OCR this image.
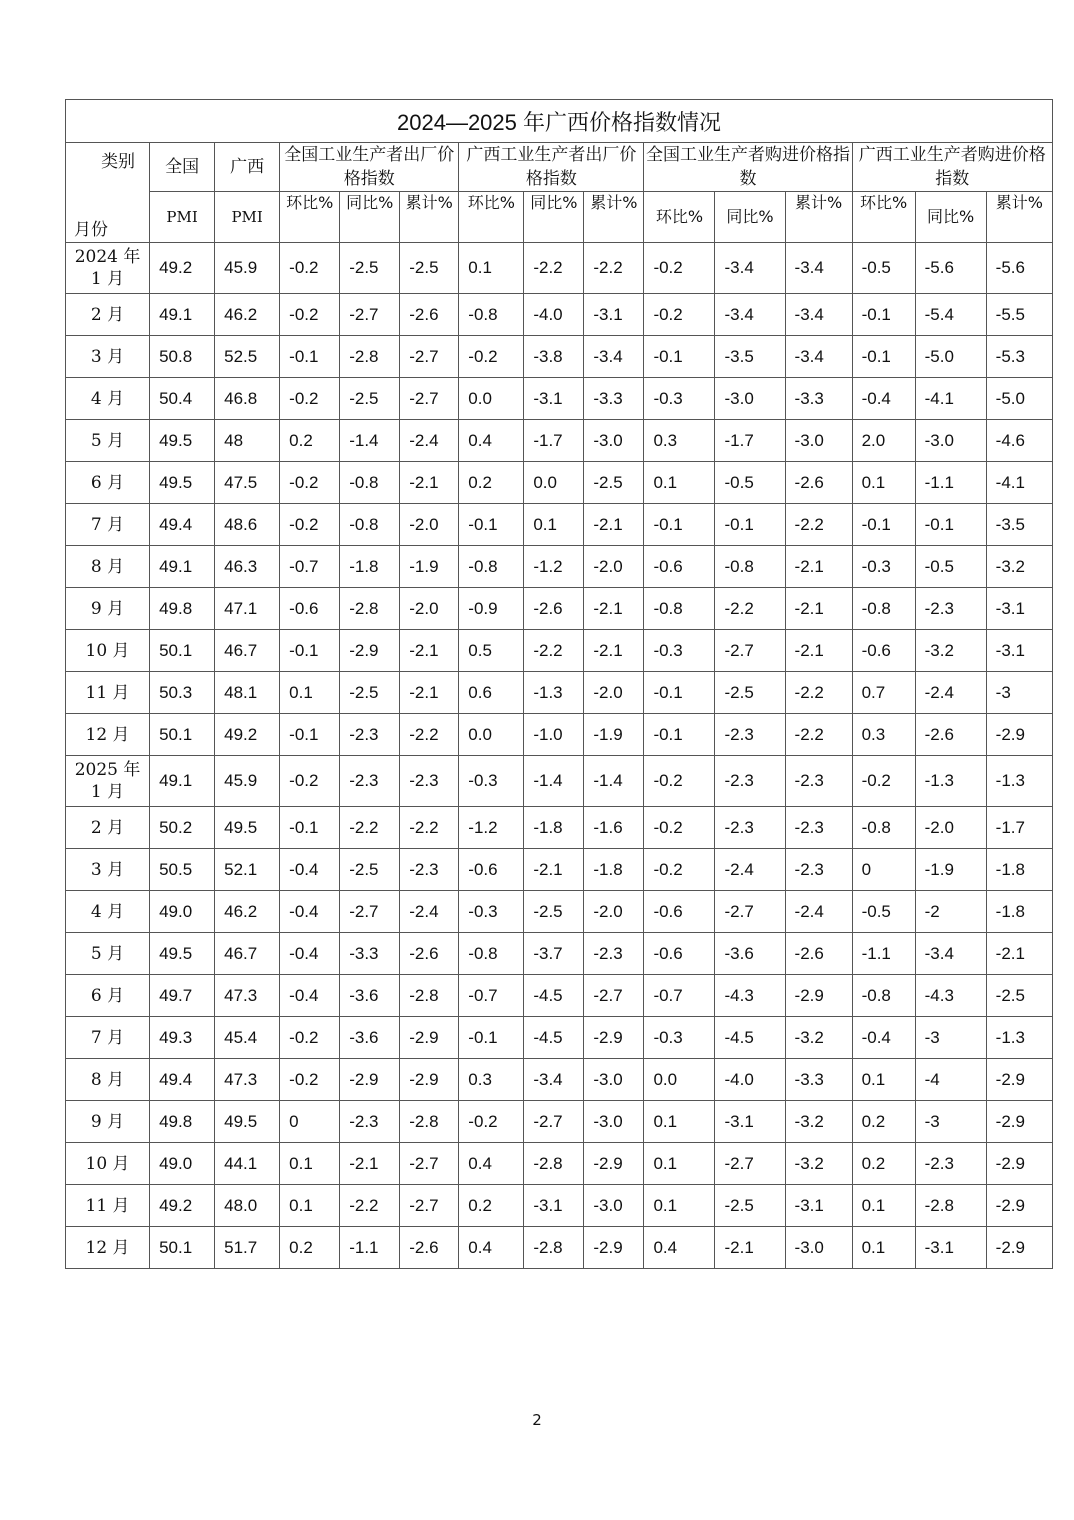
2024—2025 年广西价格指数情况														

类别
月份	全国	广西	全国工业生产者出厂价格指数			广西工业生产者出厂价格指数			全国工业生产者购进价格指数			广西工业生产者购进价格指数		
	PMI	PMI	环比%	同比%	累计%	环比%	同比%	累计%	环比%	同比%	累计%	环比%	同比%	累计%

2024 年
1 月	49.2	45.9	-0.2	-2.5	-2.5	0.1	-2.2	-2.2	-0.2	-3.4	-3.4	-0.5	-5.6	-5.6
2 月	49.1	46.2	-0.2	-2.7	-2.6	-0.8	-4.0	-3.1	-0.2	-3.4	-3.4	-0.1	-5.4	-5.5
3 月	50.8	52.5	-0.1	-2.8	-2.7	-0.2	-3.8	-3.4	-0.1	-3.5	-3.4	-0.1	-5.0	-5.3
4 月	50.4	46.8	-0.2	-2.5	-2.7	0.0	-3.1	-3.3	-0.3	-3.0	-3.3	-0.4	-4.1	-5.0
5 月	49.5	48	0.2	-1.4	-2.4	0.4	-1.7	-3.0	0.3	-1.7	-3.0	2.0	-3.0	-4.6
6 月	49.5	47.5	-0.2	-0.8	-2.1	0.2	0.0	-2.5	0.1	-0.5	-2.6	0.1	-1.1	-4.1
7 月	49.4	48.6	-0.2	-0.8	-2.0	-0.1	0.1	-2.1	-0.1	-0.1	-2.2	-0.1	-0.1	-3.5
8 月	49.1	46.3	-0.7	-1.8	-1.9	-0.8	-1.2	-2.0	-0.6	-0.8	-2.1	-0.3	-0.5	-3.2
9 月	49.8	47.1	-0.6	-2.8	-2.0	-0.9	-2.6	-2.1	-0.8	-2.2	-2.1	-0.8	-2.3	-3.1
10 月	50.1	46.7	-0.1	-2.9	-2.1	0.5	-2.2	-2.1	-0.3	-2.7	-2.1	-0.6	-3.2	-3.1
11 月	50.3	48.1	0.1	-2.5	-2.1	0.6	-1.3	-2.0	-0.1	-2.5	-2.2	0.7	-2.4	-3
12 月	50.1	49.2	-0.1	-2.3	-2.2	0.0	-1.0	-1.9	-0.1	-2.3	-2.2	0.3	-2.6	-2.9

2025 年
1 月	49.1	45.9	-0.2	-2.3	-2.3	-0.3	-1.4	-1.4	-0.2	-2.3	-2.3	-0.2	-1.3	-1.3
2 月	50.2	49.5	-0.1	-2.2	-2.2	-1.2	-1.8	-1.6	-0.2	-2.3	-2.3	-0.8	-2.0	-1.7
3 月	50.5	52.1	-0.4	-2.5	-2.3	-0.6	-2.1	-1.8	-0.2	-2.4	-2.3	0	-1.9	-1.8
4 月	49.0	46.2	-0.4	-2.7	-2.4	-0.3	-2.5	-2.0	-0.6	-2.7	-2.4	-0.5	-2	-1.8
5 月	49.5	46.7	-0.4	-3.3	-2.6	-0.8	-3.7	-2.3	-0.6	-3.6	-2.6	-1.1	-3.4	-2.1
6 月	49.7	47.3	-0.4	-3.6	-2.8	-0.7	-4.5	-2.7	-0.7	-4.3	-2.9	-0.8	-4.3	-2.5
7 月	49.3	45.4	-0.2	-3.6	-2.9	-0.1	-4.5	-2.9	-0.3	-4.5	-3.2	-0.4	-3	-1.3
8 月	49.4	47.3	-0.2	-2.9	-2.9	0.3	-3.4	-3.0	0.0	-4.0	-3.3	0.1	-4	-2.9
9 月	49.8	49.5	0	-2.3	-2.8	-0.2	-2.7	-3.0	0.1	-3.1	-3.2	0.2	-3	-2.9
10 月	49.0	44.1	0.1	-2.1	-2.7	0.4	-2.8	-2.9	0.1	-2.7	-3.2	0.2	-2.3	-2.9
11 月	49.2	48.0	0.1	-2.2	-2.7	0.2	-3.1	-3.0	0.1	-2.5	-3.1	0.1	-2.8	-2.9
12 月	50.1	51.7	0.2	-1.1	-2.6	0.4	-2.8	-2.9	0.4	-2.1	-3.0	0.1	-3.1	-2.9
2
